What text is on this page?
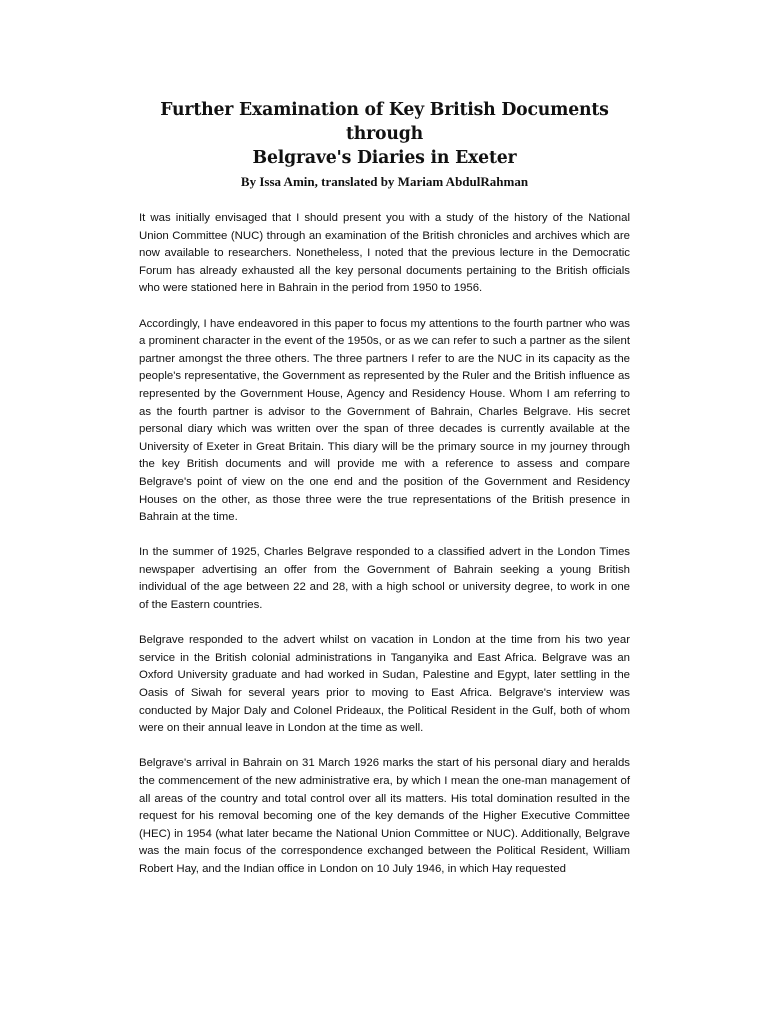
Further Examination of Key British Documents through
Belgrave's Diaries in Exeter

By Issa Amin, translated by Mariam AbdulRahman

It was initially envisaged that I should present you with a study of the history of the National Union Committee (NUC) through an examination of the British chronicles and archives which are now available to researchers. Nonetheless, I noted that the previous lecture in the Democratic Forum has already exhausted all the key personal documents pertaining to the British officials who were stationed here in Bahrain in the period from 1950 to 1956.

Accordingly, I have endeavored in this paper to focus my attentions to the fourth partner who was a prominent character in the event of the 1950s, or as we can refer to such a partner as the silent partner amongst the three others. The three partners I refer to are the NUC in its capacity as the people's representative, the Government as represented by the Ruler and the British influence as represented by the Government House, Agency and Residency House. Whom I am referring to as the fourth partner is advisor to the Government of Bahrain, Charles Belgrave. His secret personal diary which was written over the span of three decades is currently available at the University of Exeter in Great Britain. This diary will be the primary source in my journey through the key British documents and will provide me with a reference to assess and compare Belgrave's point of view on the one end and the position of the Government and Residency Houses on the other, as those three were the true representations of the British presence in Bahrain at the time.

In the summer of 1925, Charles Belgrave responded to a classified advert in the London Times newspaper advertising an offer from the Government of Bahrain seeking a young British individual of the age between 22 and 28, with a high school or university degree, to work in one of the Eastern countries.

Belgrave responded to the advert whilst on vacation in London at the time from his two year service in the British colonial administrations in Tanganyika and East Africa. Belgrave was an Oxford University graduate and had worked in Sudan, Palestine and Egypt, later settling in the Oasis of Siwah for several years prior to moving to East Africa. Belgrave's interview was conducted by Major Daly and Colonel Prideaux, the Political Resident in the Gulf, both of whom were on their annual leave in London at the time as well.

Belgrave's arrival in Bahrain on 31 March 1926 marks the start of his personal diary and heralds the commencement of the new administrative era, by which I mean the one-man management of all areas of the country and total control over all its matters. His total domination resulted in the request for his removal becoming one of the key demands of the Higher Executive Committee (HEC) in 1954 (what later became the National Union Committee or NUC). Additionally, Belgrave was the main focus of the correspondence exchanged between the Political Resident, William Robert Hay, and the Indian office in London on 10 July 1946, in which Hay requested
